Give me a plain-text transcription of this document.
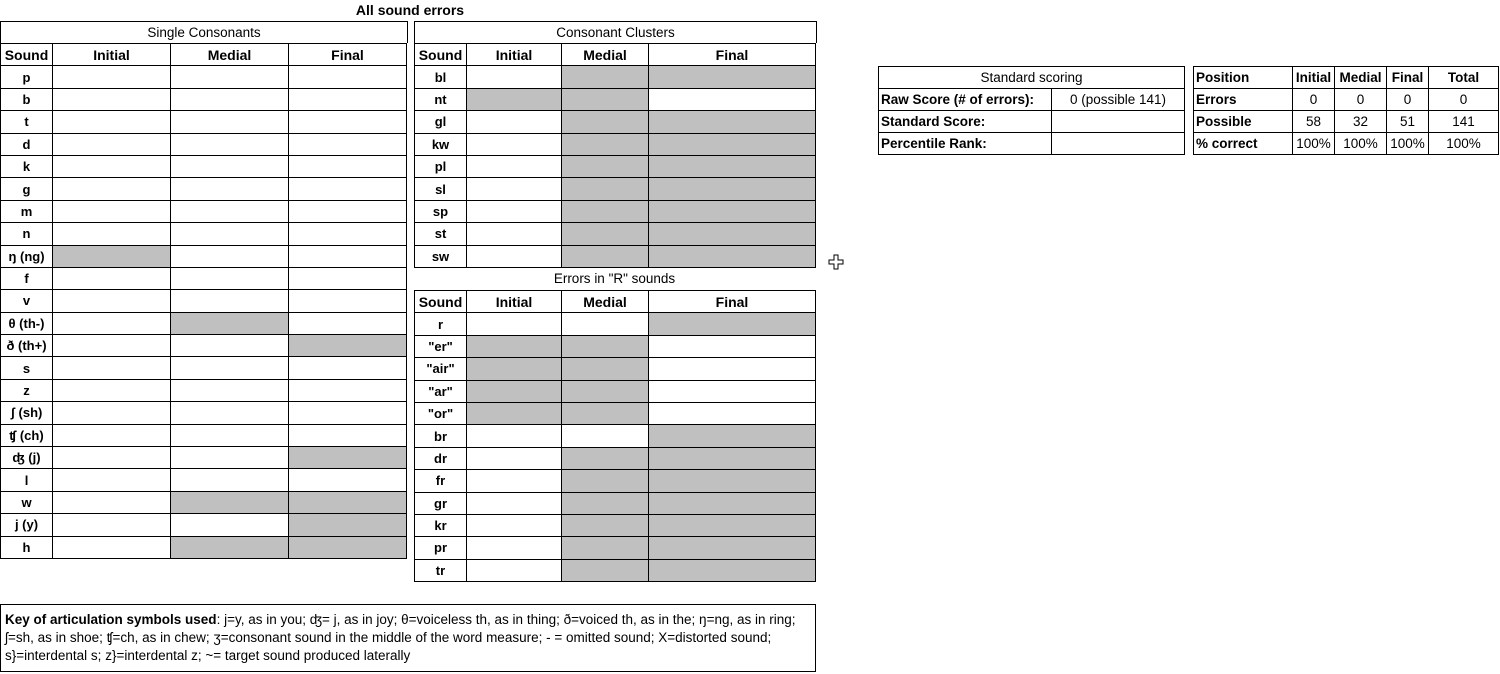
All sound errors
Single Consonants
Sound	Initial	Medial	Final
p			
b			
t			
d			
k			
g			
m			
n			
ŋ (ng)			
f			
v			
θ (th-)			
ð (th+)			
s			
z			
ʃ (sh)			
ʧ (ch)			
ʤ (j)			
l			
w			
j (y)			
h			
Consonant Clusters
Sound	Initial	Medial	Final
bl			
nt			
gl			
kw			
pl			
sl			
sp			
st			
sw			
Errors in "R" sounds
Sound	Initial	Medial	Final
r			
"er"			
"air"			
"ar"			
"or"			
br			
dr			
fr			
gr			
kr			
pr			
tr			
Standard scoring	
Raw Score (# of errors):	0 (possible 141)
Standard Score:	
Percentile Rank:	
Position	Initial	Medial	Final	Total
Errors	0	0	0	0
Possible	58	32	51	141
% correct	100%	100%	100%	100%
Key of articulation symbols used: j=y, as in you; ʤ= j, as in joy; θ=voiceless th, as in thing; ð=voiced th, as in the; ŋ=ng, as in ring; ʃ=sh, as in shoe; ʧ=ch, as in chew; ʒ=consonant sound in the middle of the word measure; - = omitted sound; X=distorted sound; s}=interdental s; z}=interdental z; ~= target sound produced laterally
